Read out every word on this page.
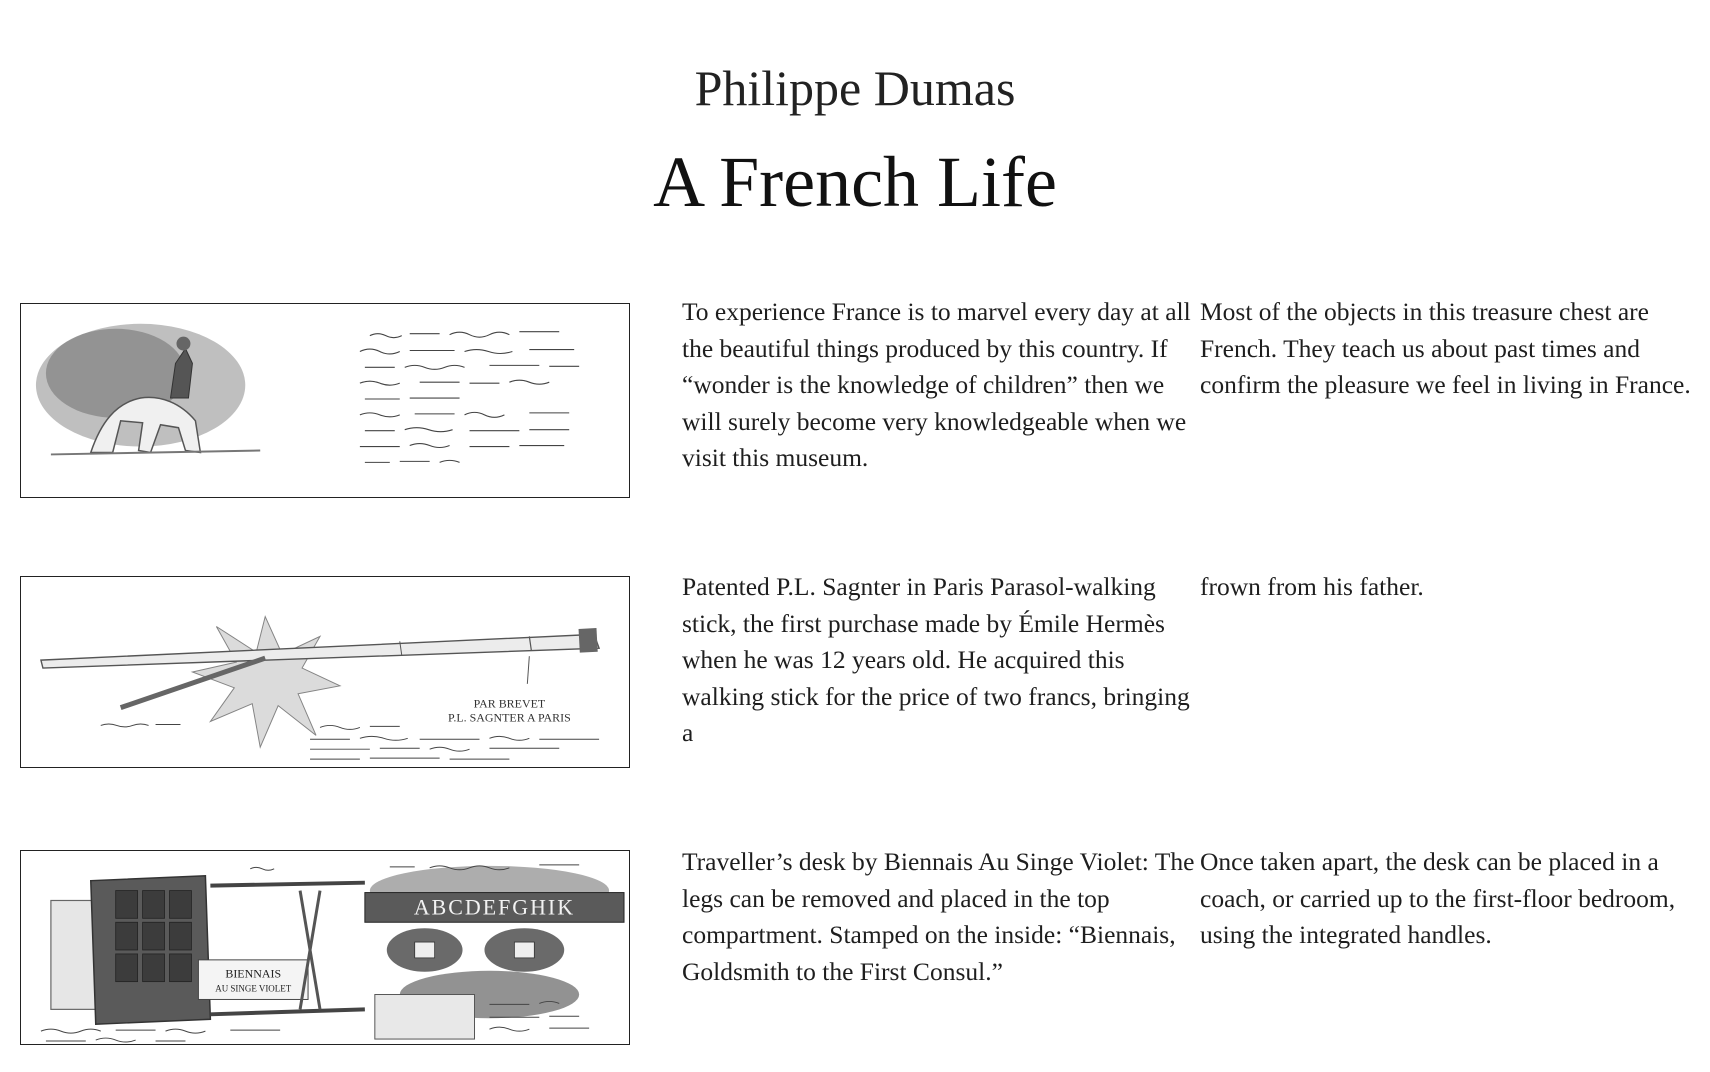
Philippe Dumas
A French Life
To experience France is to marvel every day at all the beautiful things produced by this country. If “wonder is the knowledge of children” then we will surely become very knowledgeable when we visit this museum.
Most of the objects in this treasure chest are French. They teach us about past times and confirm the pleasure we feel in living in France.
PAR BREVET
P.L. SAGNTER A PARIS
Patented P.L. Sagnter in Paris Parasol-walking stick, the first purchase made by Émile Hermès when he was 12 years old. He acquired this walking stick for the price of two francs, bringing a
frown from his father.
BIENNAIS
AU SINGE VIOLET
ABCDEFGHIK
Traveller’s desk by Biennais Au Singe Violet: The legs can be removed and placed in the top compartment. Stamped on the inside: “Biennais, Goldsmith to the First Consul.”
Once taken apart, the desk can be placed in a coach, or carried up to the first-floor bedroom, using the integrated handles.
